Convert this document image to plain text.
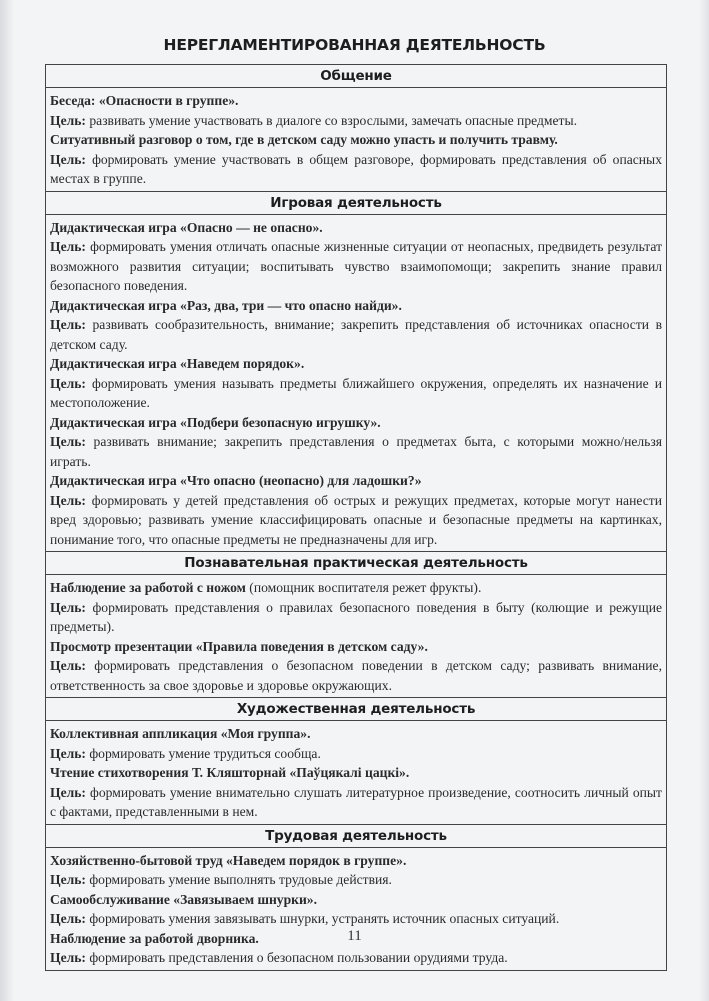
НЕРЕГЛАМЕНТИРОВАННАЯ ДЕЯТЕЛЬНОСТЬ
Общение
Беседа: «Опасности в группе».
Цель: развивать умение участвовать в диалоге со взрослыми, замечать опасные предметы.
Ситуативный разговор о том, где в детском саду можно упасть и получить травму.
Цель: формировать умение участвовать в общем разговоре, формировать представления об опасных местах в группе.
Игровая деятельность
Дидактическая игра «Опасно — не опасно».
Цель: формировать умения отличать опасные жизненные ситуации от неопасных, предвидеть результат возможного развития ситуации; воспитывать чувство взаимопомощи; закрепить знание правил безопасного поведения.
Дидактическая игра «Раз, два, три — что опасно найди».
Цель: развивать сообразительность, внимание; закрепить представления об источниках опасности в детском саду.
Дидактическая игра «Наведем порядок».
Цель: формировать умения называть предметы ближайшего окружения, определять их назначение и местоположение.
Дидактическая игра «Подбери безопасную игрушку».
Цель: развивать внимание; закрепить представления о предметах быта, с которыми можно/нельзя играть.
Дидактическая игра «Что опасно (неопасно) для ладошки?»
Цель: формировать у детей представления об острых и режущих предметах, которые могут нанести вред здоровью; развивать умение классифицировать опасные и безопасные предметы на картинках, понимание того, что опасные предметы не предназначены для игр.
Познавательная практическая деятельность
Наблюдение за работой с ножом (помощник воспитателя режет фрукты).
Цель: формировать представления о правилах безопасного поведения в быту (колющие и режущие предметы).
Просмотр презентации «Правила поведения в детском саду».
Цель: формировать представления о безопасном поведении в детском саду; развивать внимание, ответственность за свое здоровье и здоровье окружающих.
Художественная деятельность
Коллективная аппликация «Моя группа».
Цель: формировать умение трудиться сообща.
Чтение стихотворения Т. Кляшторнай «Паўцякалі цацкі».
Цель: формировать умение внимательно слушать литературное произведение, соотносить личный опыт с фактами, представленными в нем.
Трудовая деятельность
Хозяйственно-бытовой труд «Наведем порядок в группе».
Цель: формировать умение выполнять трудовые действия.
Самообслуживание «Завязываем шнурки».
Цель: формировать умения завязывать шнурки, устранять источник опасных ситуаций.
Наблюдение за работой дворника.
Цель: формировать представления о безопасном пользовании орудиями труда.
11
